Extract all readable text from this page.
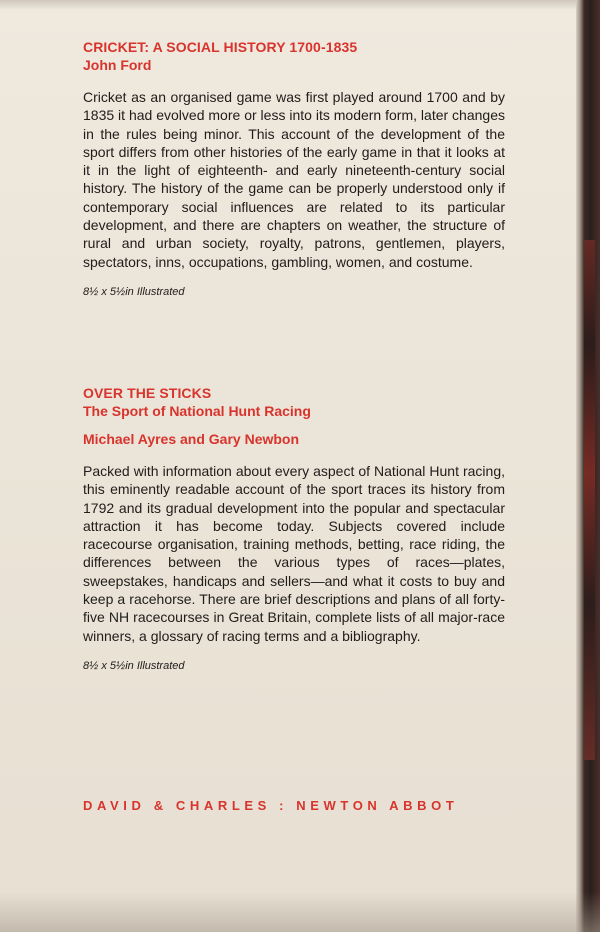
CRICKET: A SOCIAL HISTORY 1700-1835
John Ford

Cricket as an organised game was first played around 1700 and by 1835 it had evolved more or less into its modern form, later changes in the rules being minor. This account of the development of the sport differs from other histories of the early game in that it looks at it in the light of eighteenth- and early nineteenth-century social history. The history of the game can be properly understood only if contemporary social influences are related to its particular development, and there are chapters on weather, the structure of rural and urban society, royalty, patrons, gentlemen, players, spectators, inns, occupations, gambling, women, and costume.

8½ x 5½in Illustrated
OVER THE STICKS
The Sport of National Hunt Racing
Michael Ayres and Gary Newbon

Packed with information about every aspect of National Hunt racing, this eminently readable account of the sport traces its history from 1792 and its gradual development into the popular and spectacular attraction it has become today. Subjects covered include racecourse organisation, training methods, betting, race riding, the differences between the various types of races—plates, sweepstakes, handicaps and sellers—and what it costs to buy and keep a racehorse. There are brief descriptions and plans of all forty-five NH racecourses in Great Britain, complete lists of all major-race winners, a glossary of racing terms and a bibliography.

8½ x 5½in Illustrated
DAVID & CHARLES : NEWTON ABBOT
